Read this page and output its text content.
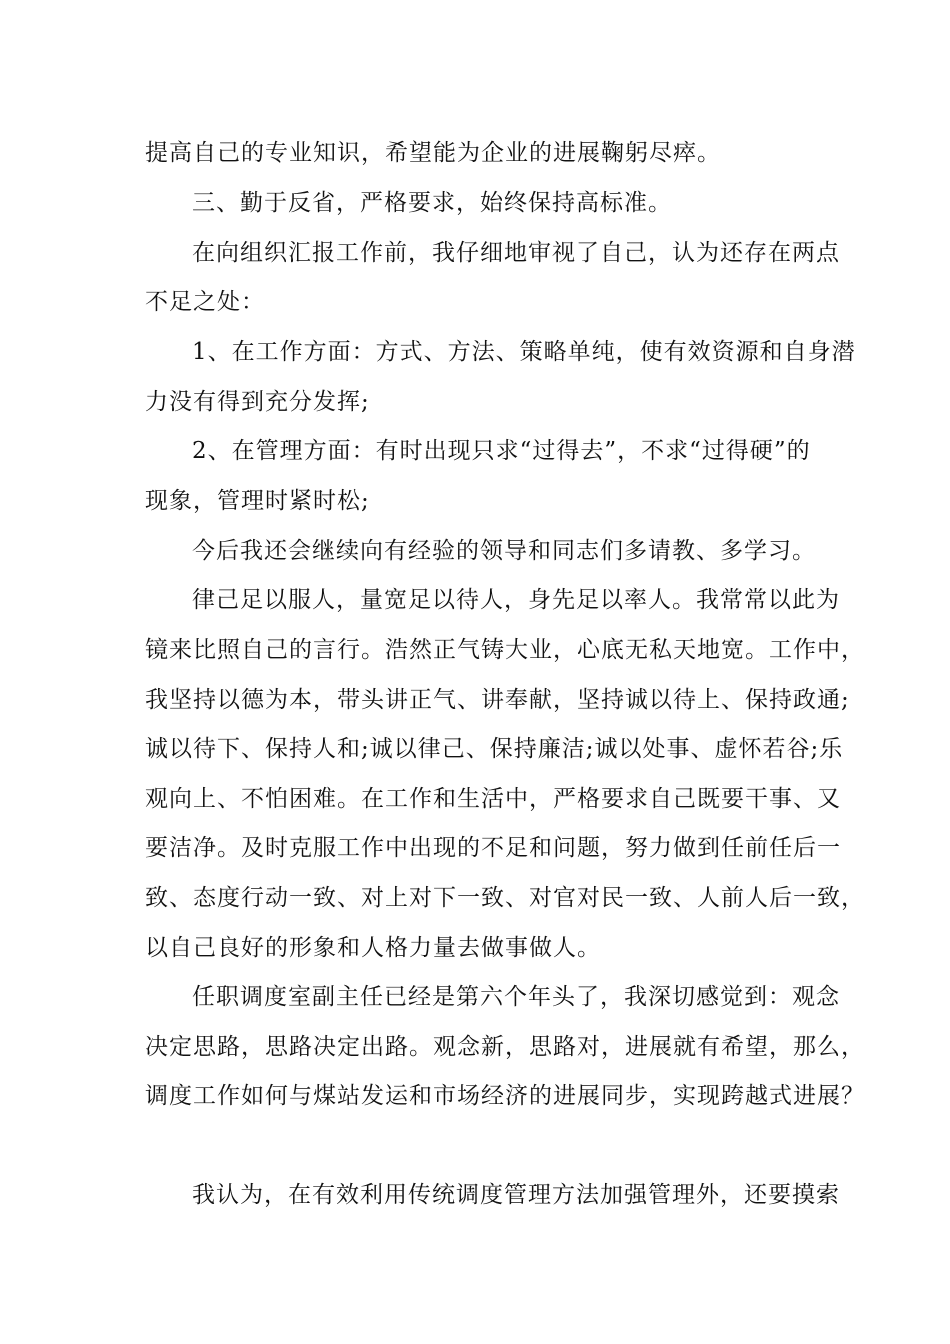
提高自己的专业知识，希望能为企业的进展鞠躬尽瘁。
三、勤于反省，严格要求，始终保持高标准。
在向组织汇报工作前，我仔细地审视了自己，认为还存在两点
不足之处：
1、在工作方面：方式、方法、策略单纯，使有效资源和自身潜
力没有得到充分发挥;
2、在管理方面：有时出现只求“过得去”，不求“过得硬”的
现象，管理时紧时松;
今后我还会继续向有经验的领导和同志们多请教、多学习。
律己足以服人，量宽足以待人，身先足以率人。我常常以此为
镜来比照自己的言行。浩然正气铸大业，心底无私天地宽。工作中，
我坚持以德为本，带头讲正气、讲奉献，坚持诚以待上、保持政通;
诚以待下、保持人和;诚以律己、保持廉洁;诚以处事、虚怀若谷;乐
观向上、不怕困难。在工作和生活中，严格要求自己既要干事、又
要洁净。及时克服工作中出现的不足和问题，努力做到任前任后一
致、态度行动一致、对上对下一致、对官对民一致、人前人后一致，
以自己良好的形象和人格力量去做事做人。
任职调度室副主任已经是第六个年头了，我深切感觉到：观念
决定思路，思路决定出路。观念新，思路对，进展就有希望，那么，
调度工作如何与煤站发运和市场经济的进展同步，实现跨越式进展？
我认为，在有效利用传统调度管理方法加强管理外，还要摸索
